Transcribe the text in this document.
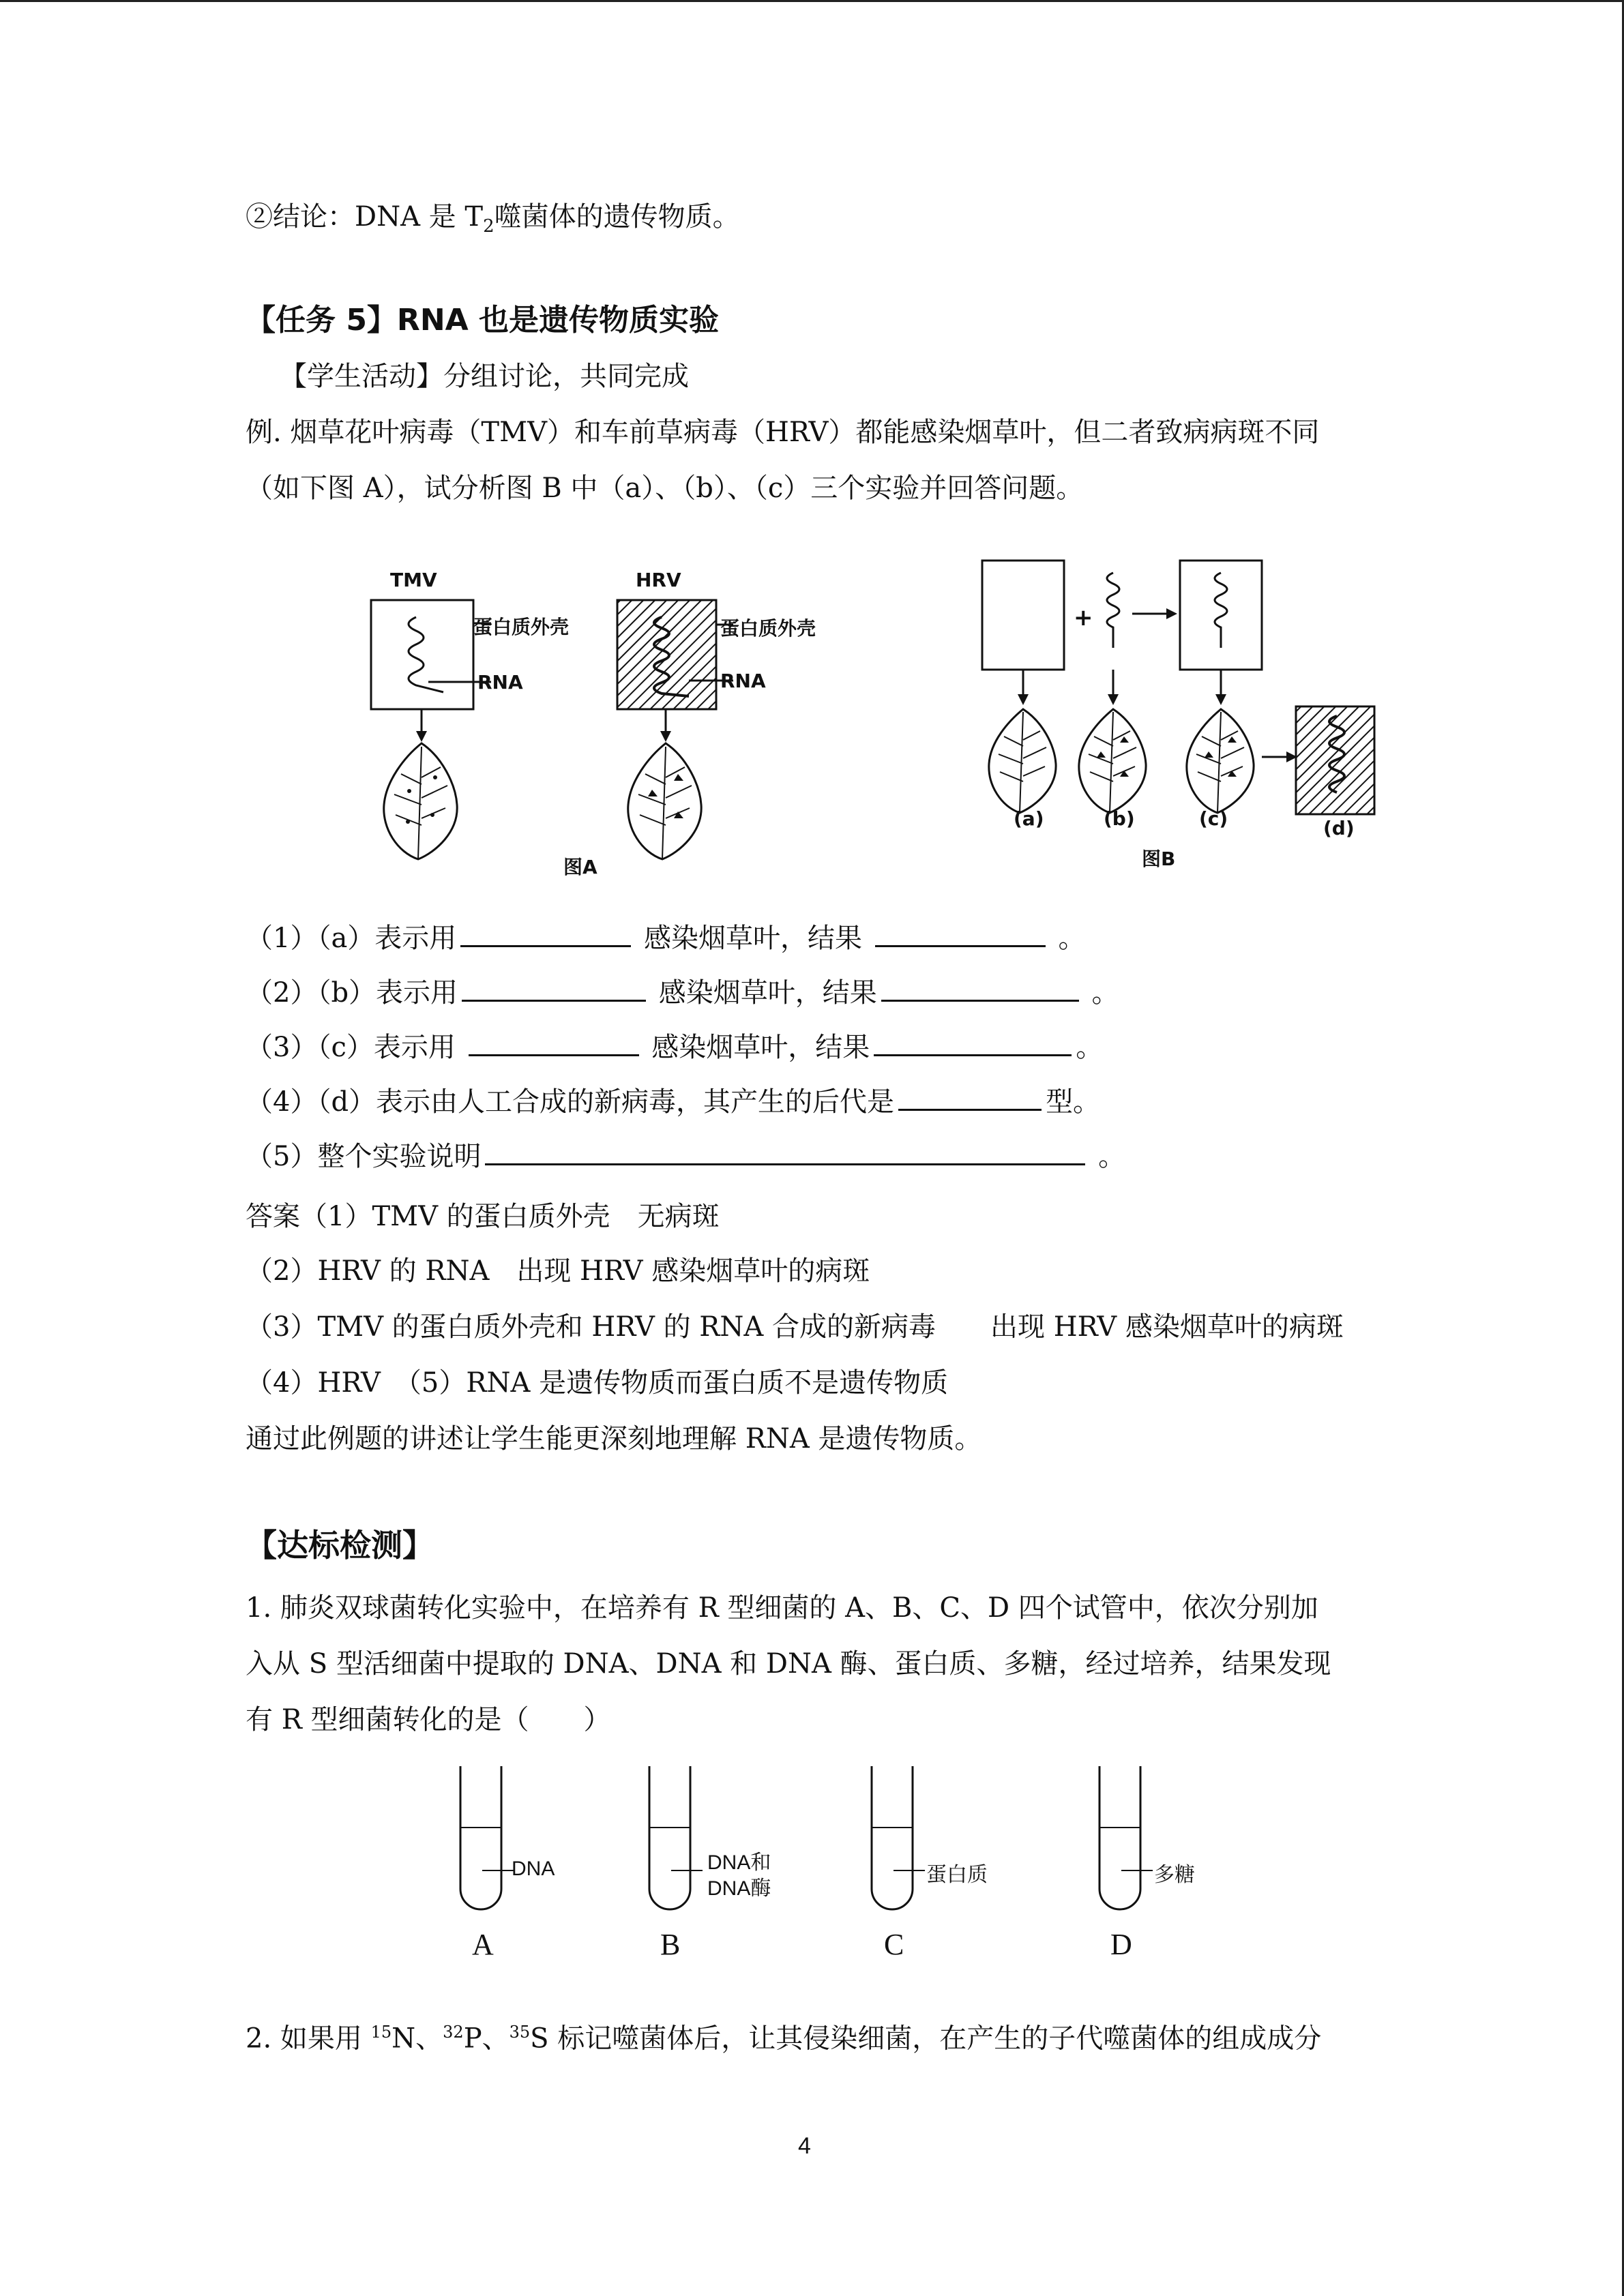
②结论：DNA 是 $T_2$噬菌体的遗传物质。
【任务 5】RNA 也是遗传物质实验
【学生活动】分组讨论，共同完成
例. 烟草花叶病毒（TMV）和车前草病毒（HRV）都能感染烟草叶，但二者致病病斑不同
（如下图 A），试分析图 B 中（a）、（b）、（c）三个实验并回答问题。
TMV	HRV
蛋白质外壳
RNA
蛋白质外壳
RNA
图A
+
(a)	(b)	(c)	(d)
图B
（1）（a）表示用	感染烟草叶，结果	。
（2）（b）表示用	感染烟草叶，结果	。
（3）（c）表示用	感染烟草叶，结果	。
（4）（d）表示由人工合成的新病毒，其产生的后代是	型。
（5）整个实验说明	。
答案（1）TMV 的蛋白质外壳　无病斑
（2）HRV 的 RNA　出现 HRV 感染烟草叶的病斑
（3）TMV 的蛋白质外壳和 HRV 的 RNA 合成的新病毒　　出现 HRV 感染烟草叶的病斑
（4）HRV　（5）RNA 是遗传物质而蛋白质不是遗传物质
通过此例题的讲述让学生能更深刻地理解 RNA 是遗传物质。
【达标检测】
1. 肺炎双球菌转化实验中，在培养有 R 型细菌的 A、B、C、D 四个试管中，依次分别加
入从 S 型活细菌中提取的 DNA、DNA 和 DNA 酶、蛋白质、多糖，经过培养，结果发现
有 R 型细菌转化的是（　　）
DNA	DNA和
DNA酶
蛋白质	多糖
A	B	C	D
2. 如果用 $^{15}$N、$^{32}$P、$^{35}$S 标记噬菌体后，让其侵染细菌，在产生的子代噬菌体的组成成分
4
